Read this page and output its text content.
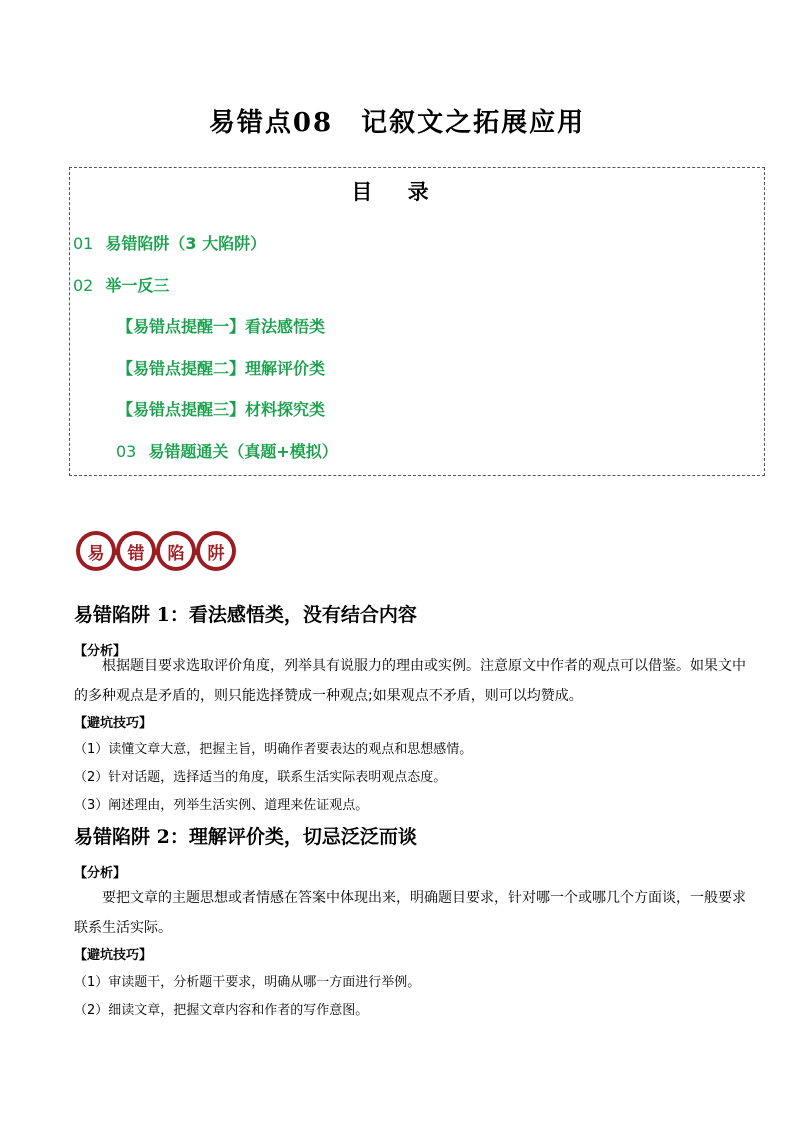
易错点08　记叙文之拓展应用
目 录
01 易错陷阱（3 大陷阱）
02 举一反三
【易错点提醒一】看法感悟类
【易错点提醒二】理解评价类
【易错点提醒三】材料探究类
03 易错题通关（真题+模拟）
易	错	陷	阱
易错陷阱 1：看法感悟类，没有结合内容
【分析】
根据题目要求选取评价角度，列举具有说服力的理由或实例。注意原文中作者的观点可以借鉴。如果文中的多种观点是矛盾的，则只能选择赞成一种观点;如果观点不矛盾，则可以均赞成。
【避坑技巧】
（1）读懂文章大意，把握主旨，明确作者要表达的观点和思想感情。
（2）针对话题，选择适当的角度，联系生活实际表明观点态度。
（3）阐述理由，列举生活实例、道理来佐证观点。
易错陷阱 2：理解评价类，切忌泛泛而谈
【分析】
要把文章的主题思想或者情感在答案中体现出来，明确题目要求，针对哪一个或哪几个方面谈，一般要求联系生活实际。
【避坑技巧】
（1）审读题干，分析题干要求，明确从哪一方面进行举例。
（2）细读文章，把握文章内容和作者的写作意图。
